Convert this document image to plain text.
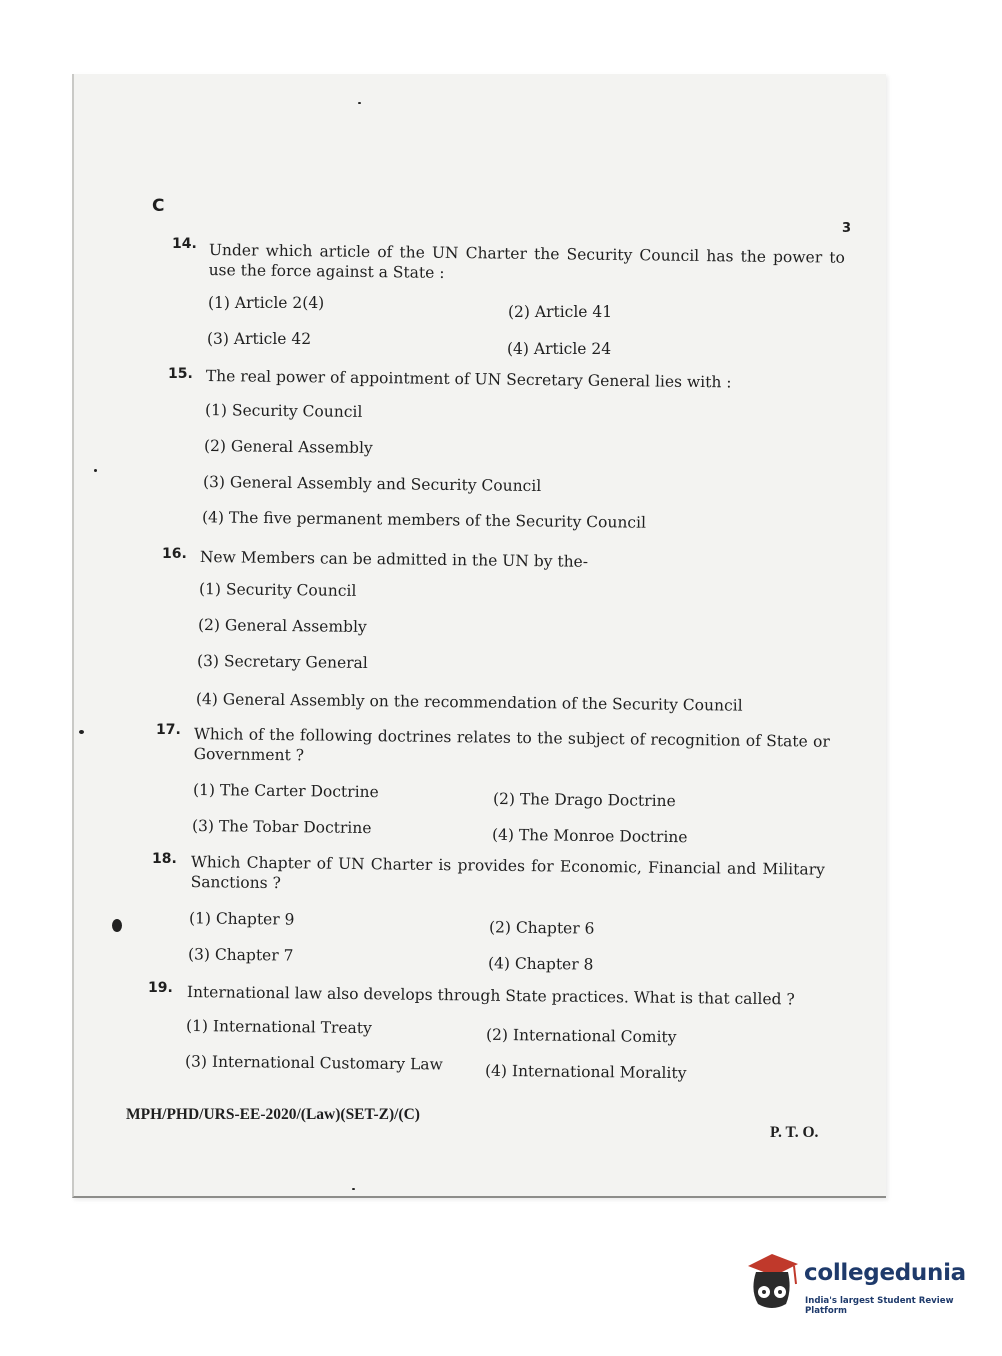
C
3
14. Under which article of the UN Charter the Security Council has the power to use the force against a State :
(1) Article 2(4)	(2) Article 41
(3) Article 42
(4) Article 24
15. The real power of appointment of UN Secretary General lies with :
(1) Security Council
(2) General Assembly
(3) General Assembly and Security Council
(4) The five permanent members of the Security Council
16. New Members can be admitted in the UN by the-
(1) Security Council
(2) General Assembly
(3) Secretary General
(4) General Assembly on the recommendation of the Security Council
17. Which of the following doctrines relates to the subject of recognition of State or Government ?
(1) The Carter Doctrine	(2) The Drago Doctrine
(3) The Tobar Doctrine	(4) The Monroe Doctrine
18. Which Chapter of UN Charter is provides for Economic, Financial and Military Sanctions ?
(1) Chapter 9	(2) Chapter 6
(3) Chapter 7	(4) Chapter 8
19. International law also develops through State practices. What is that called ?
(1) International Treaty	(2) International Comity
(3) International Customary Law	(4) International Morality
MPH/PHD/URS-EE-2020/(Law)(SET-Z)/(C)
P. T. O.
collegedunia
India's largest Student Review Platform
